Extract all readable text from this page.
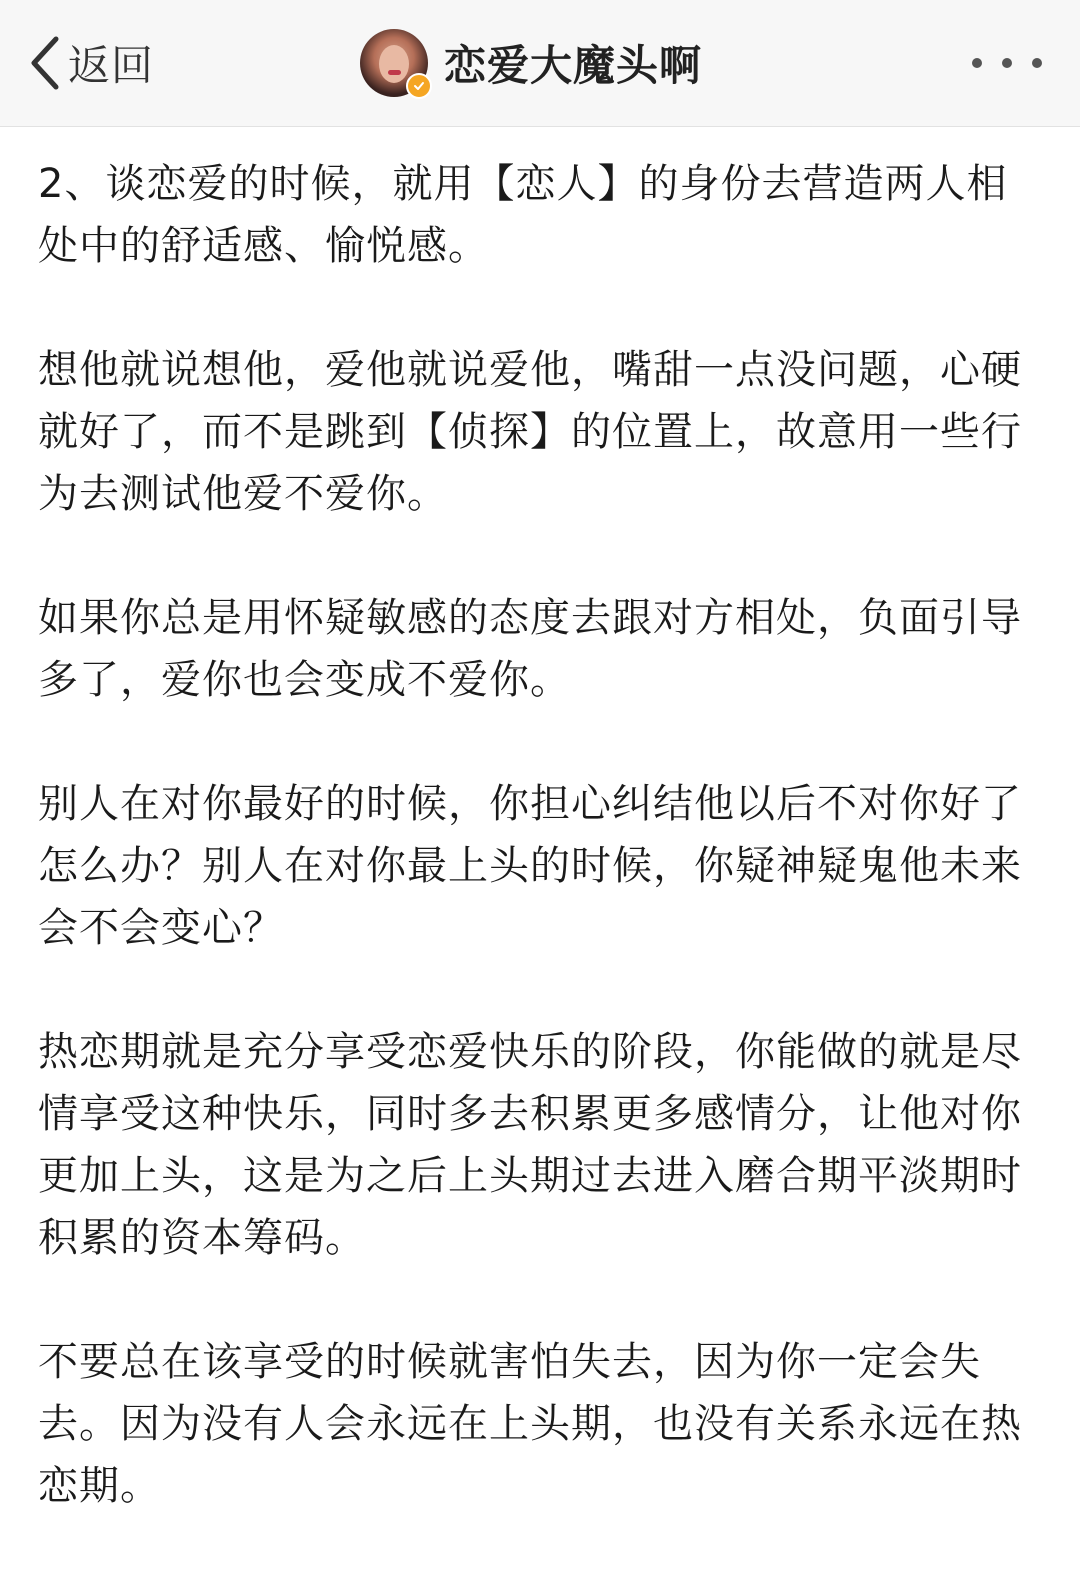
返回	恋爱大魔头啊

2、谈恋爱的时候，就用【恋人】的身份去营造两人相处中的舒适感、愉悦感。

想他就说想他，爱他就说爱他，嘴甜一点没问题，心硬就好了，而不是跳到【侦探】的位置上，故意用一些行为去测试他爱不爱你。

如果你总是用怀疑敏感的态度去跟对方相处，负面引导多了，爱你也会变成不爱你。

别人在对你最好的时候，你担心纠结他以后不对你好了怎么办？别人在对你最上头的时候，你疑神疑鬼他未来会不会变心？

热恋期就是充分享受恋爱快乐的阶段，你能做的就是尽情享受这种快乐，同时多去积累更多感情分，让他对你更加上头，这是为之后上头期过去进入磨合期平淡期时积累的资本筹码。

不要总在该享受的时候就害怕失去，因为你一定会失去。因为没有人会永远在上头期，也没有关系永远在热恋期。
